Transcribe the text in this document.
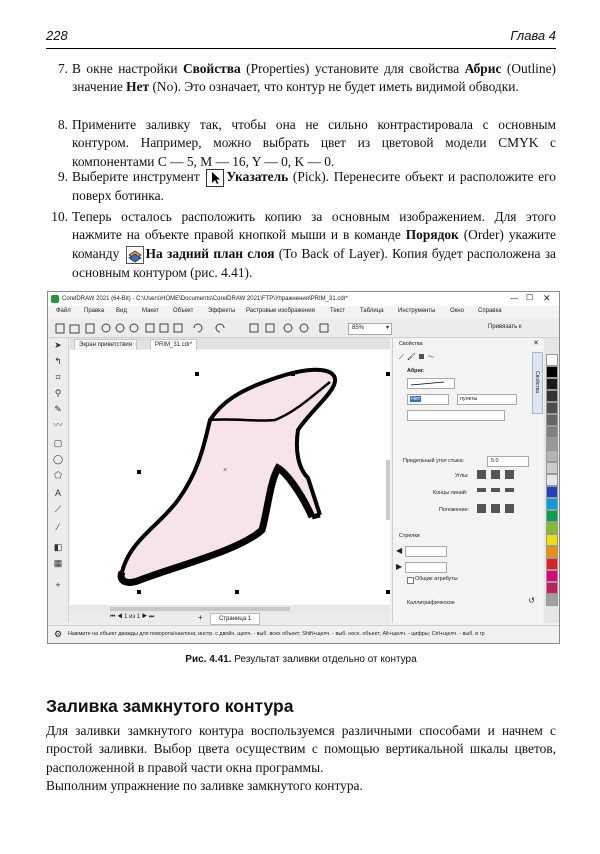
228	Глава 4
7. В окне настройки Свойства (Properties) установите для свойства Абрис (Outline) значение Нет (No). Это означает, что контур не будет иметь видимой обводки.
8. Примените заливку так, чтобы она не сильно контрастировала с основным контуром. Например, можно выбрать цвет из цветовой модели CMYK с компонентами C — 5, M — 16, Y — 0, K — 0.
9. Выберите инструмент Указатель (Pick). Перенесите объект и расположите его поверх ботинка.
10. Теперь осталось расположить копию за основным изображением. Для этого нажмите на объекте правой кнопкой мыши и в команде Порядок (Order) укажите команду На задний план слоя (To Back of Layer). Копия будет расположена за основным контуром (рис. 4.41).
CorelDRAW 2021 (64-Bit) - C:\Users\HOME\Documents\CorelDRAW 2021\FTP\Упражнения\PRIM_31.cdr*	— ☐ ✕
Файл Правка Вид	Макет Объект Эффекты Растровые изображения	Текст Таблица Инструменты Окно Справка
85%	▾	Привязать к
Экран приветствия	PRIM_31.cdr*
➤
↰
⌗
⚲
✎
〰
▢
◯
⬠
A
⟋
⁄
◧
▦
+
×
⏮ ◀ 1 из 1 ▶ ⏭	+	Страница 1
Свойства	✕
⟋🖌▦〜
Абрис
Нет	пункты
Предельный угол стыка:	5.0
Углы:
Концы линий:
Положение:
Стрелки
◀
▶
Общие атрибуты
Каллиграфическое	↺
Свойства
⚙ Нажмите на объект дважды для поворота/наклона; инстр. с двойн. щелч. - выб. всех объект; Shift+щелч. - выб. неск. объект; Alt+щелч. - цифры; Ctrl+щелч. - выб. в гр
Рис. 4.41. Результат заливки отдельно от контура
Заливка замкнутого контура
Для заливки замкнутого контура воспользуемся различными способами и начнем с простой заливки. Выбор цвета осуществим с помощью вертикальной шкалы цветов, расположенной в правой части окна программы.
Выполним упражнение по заливке замкнутого контура.
